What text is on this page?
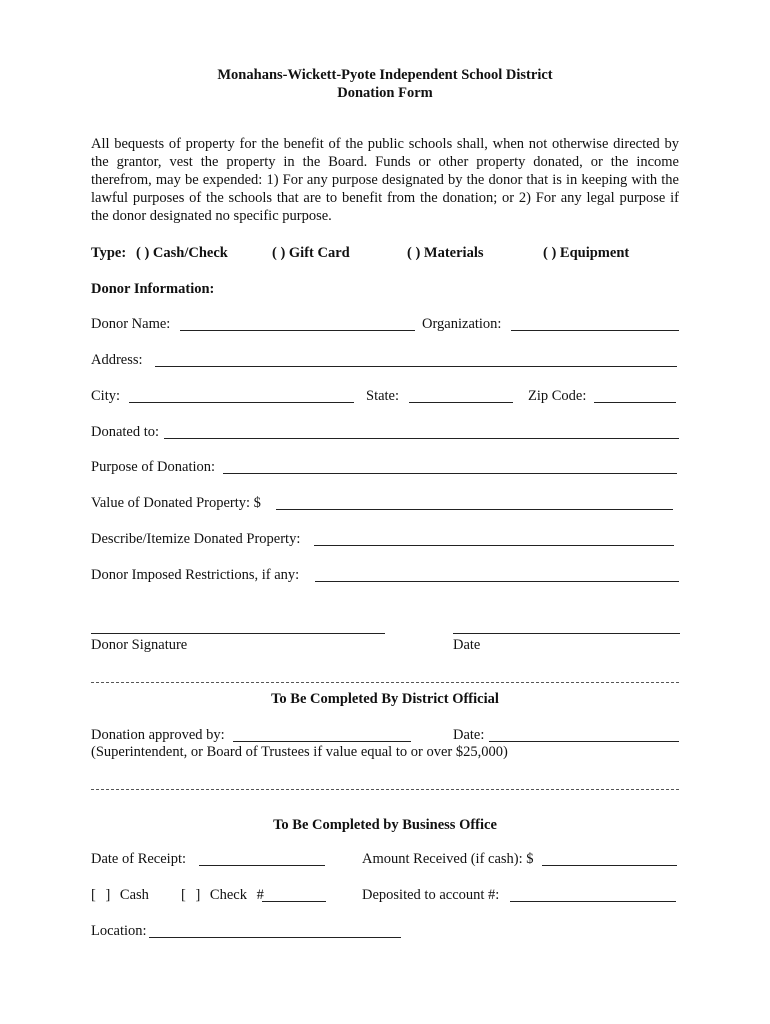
Monahans-Wickett-Pyote Independent School District
Donation Form
All bequests of property for the benefit of the public schools shall, when not otherwise directed by the grantor, vest the property in the Board. Funds or other property donated, or the income therefrom, may be expended: 1) For any purpose designated by the donor that is in keeping with the lawful purposes of the schools that are to benefit from the donation; or 2) For any legal purpose if the donor designated no specific purpose.
Type: ( ) Cash/Check	( ) Gift Card	( ) Materials	( ) Equipment
Donor Information:
Donor Name:	Organization:
Address:
City:	State:	Zip Code:
Donated to:
Purpose of Donation:
Value of Donated Property: $
Describe/Itemize Donated Property:
Donor Imposed Restrictions, if any:
Donor Signature	Date
To Be Completed By District Official
Donation approved by:	Date:
(Superintendent, or Board of Trustees if value equal to or over $25,000)
To Be Completed by Business Office
Date of Receipt:	Amount Received (if cash): $
[ ] Cash [ ] Check #	Deposited to account #:
Location:
